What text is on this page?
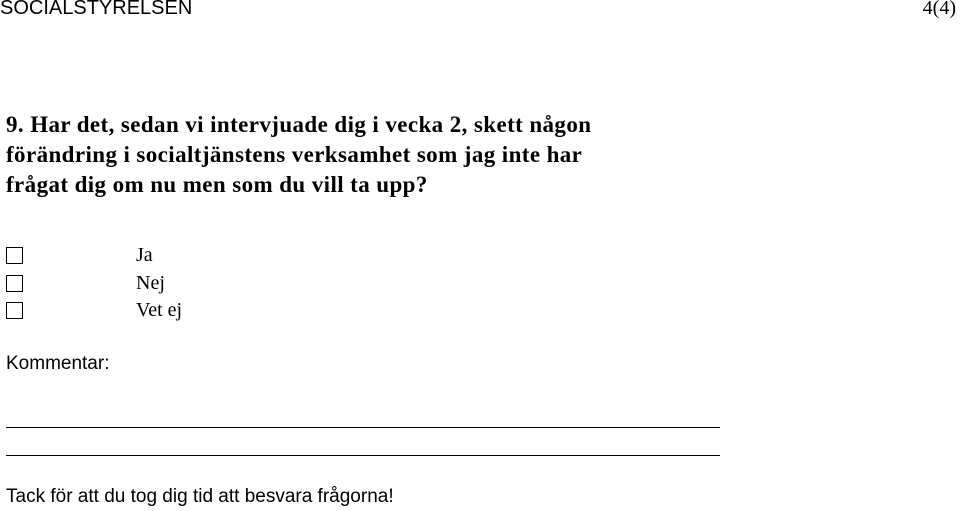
SOCIALSTYRELSEN	4(4)
9. Har det, sedan vi intervjuade dig i vecka 2, skett någon
förändring i socialtjänstens verksamhet som jag inte har
frågat dig om nu men som du vill ta upp?
Ja
Nej
Vet ej
Kommentar:
Tack för att du tog dig tid att besvara frågorna!
